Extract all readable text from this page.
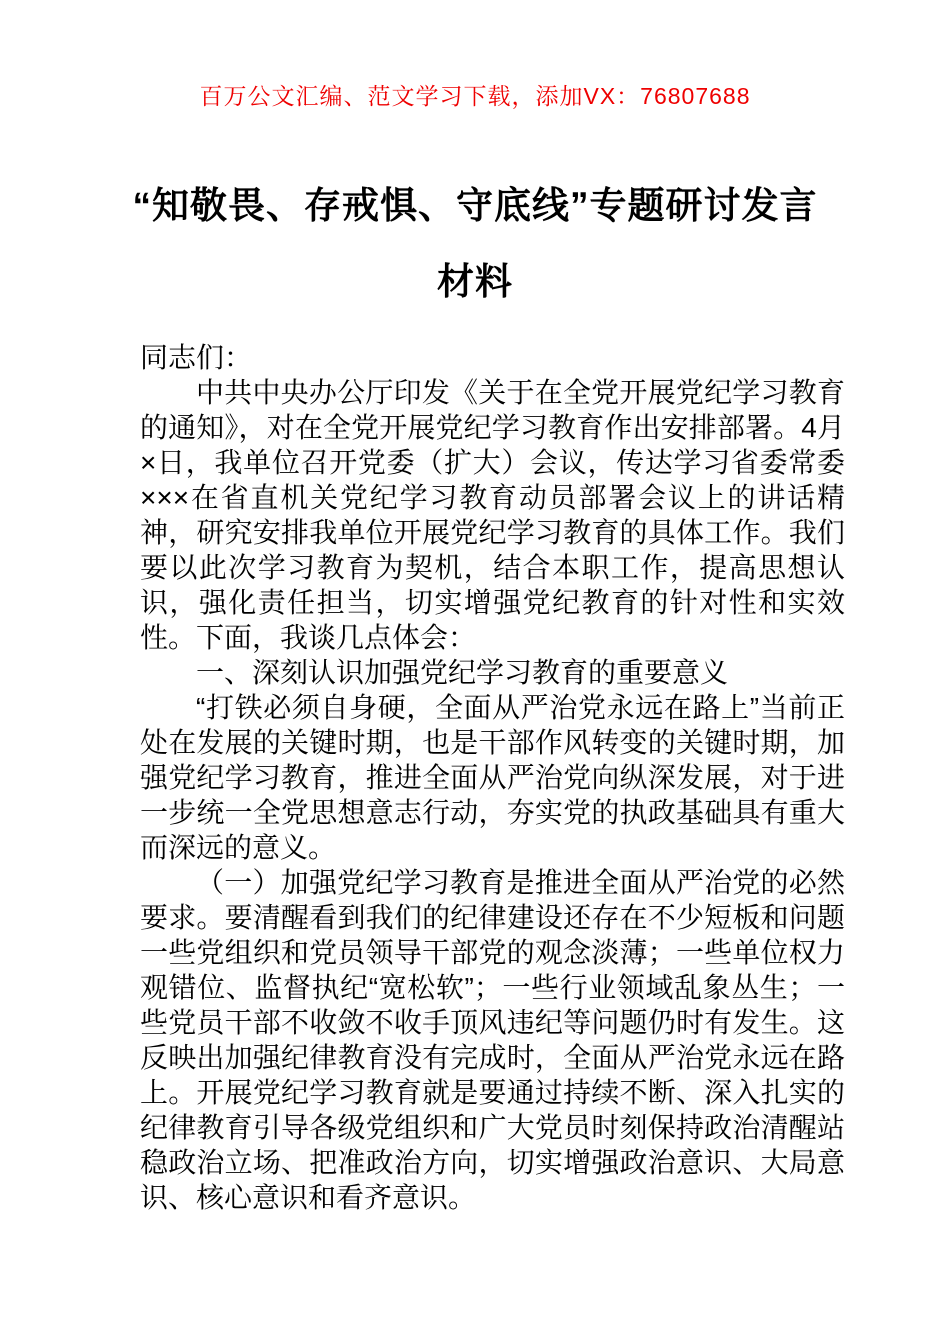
百万公文汇编、范文学习下载，添加VX：76807688
“知敬畏、存戒惧、守底线”专题研讨发言材料

同志们：

中共中央办公厅印发《关于在全党开展党纪学习教育的通知》，对在全党开展党纪学习教育作出安排部署。4月×日，我单位召开党委（扩大）会议，传达学习省委常委×××在省直机关党纪学习教育动员部署会议上的讲话精神，研究安排我单位开展党纪学习教育的具体工作。我们要以此次学习教育为契机，结合本职工作，提高思想认识，强化责任担当，切实增强党纪教育的针对性和实效性。下面，我谈几点体会：

一、深刻认识加强党纪学习教育的重要意义

“打铁必须自身硬，全面从严治党永远在路上”当前正处在发展的关键时期，也是干部作风转变的关键时期，加强党纪学习教育，推进全面从严治党向纵深发展，对于进一步统一全党思想意志行动，夯实党的执政基础具有重大而深远的意义。

（一）加强党纪学习教育是推进全面从严治党的必然要求。要清醒看到我们的纪律建设还存在不少短板和问题一些党组织和党员领导干部党的观念淡薄；一些单位权力观错位、监督执纪“宽松软”；一些行业领域乱象丛生；一些党员干部不收敛不收手顶风违纪等问题仍时有发生。这反映出加强纪律教育没有完成时，全面从严治党永远在路上。开展党纪学习教育就是要通过持续不断、深入扎实的纪律教育引导各级党组织和广大党员时刻保持政治清醒站稳政治立场、把准政治方向，切实增强政治意识、大局意识、核心意识和看齐意识。
